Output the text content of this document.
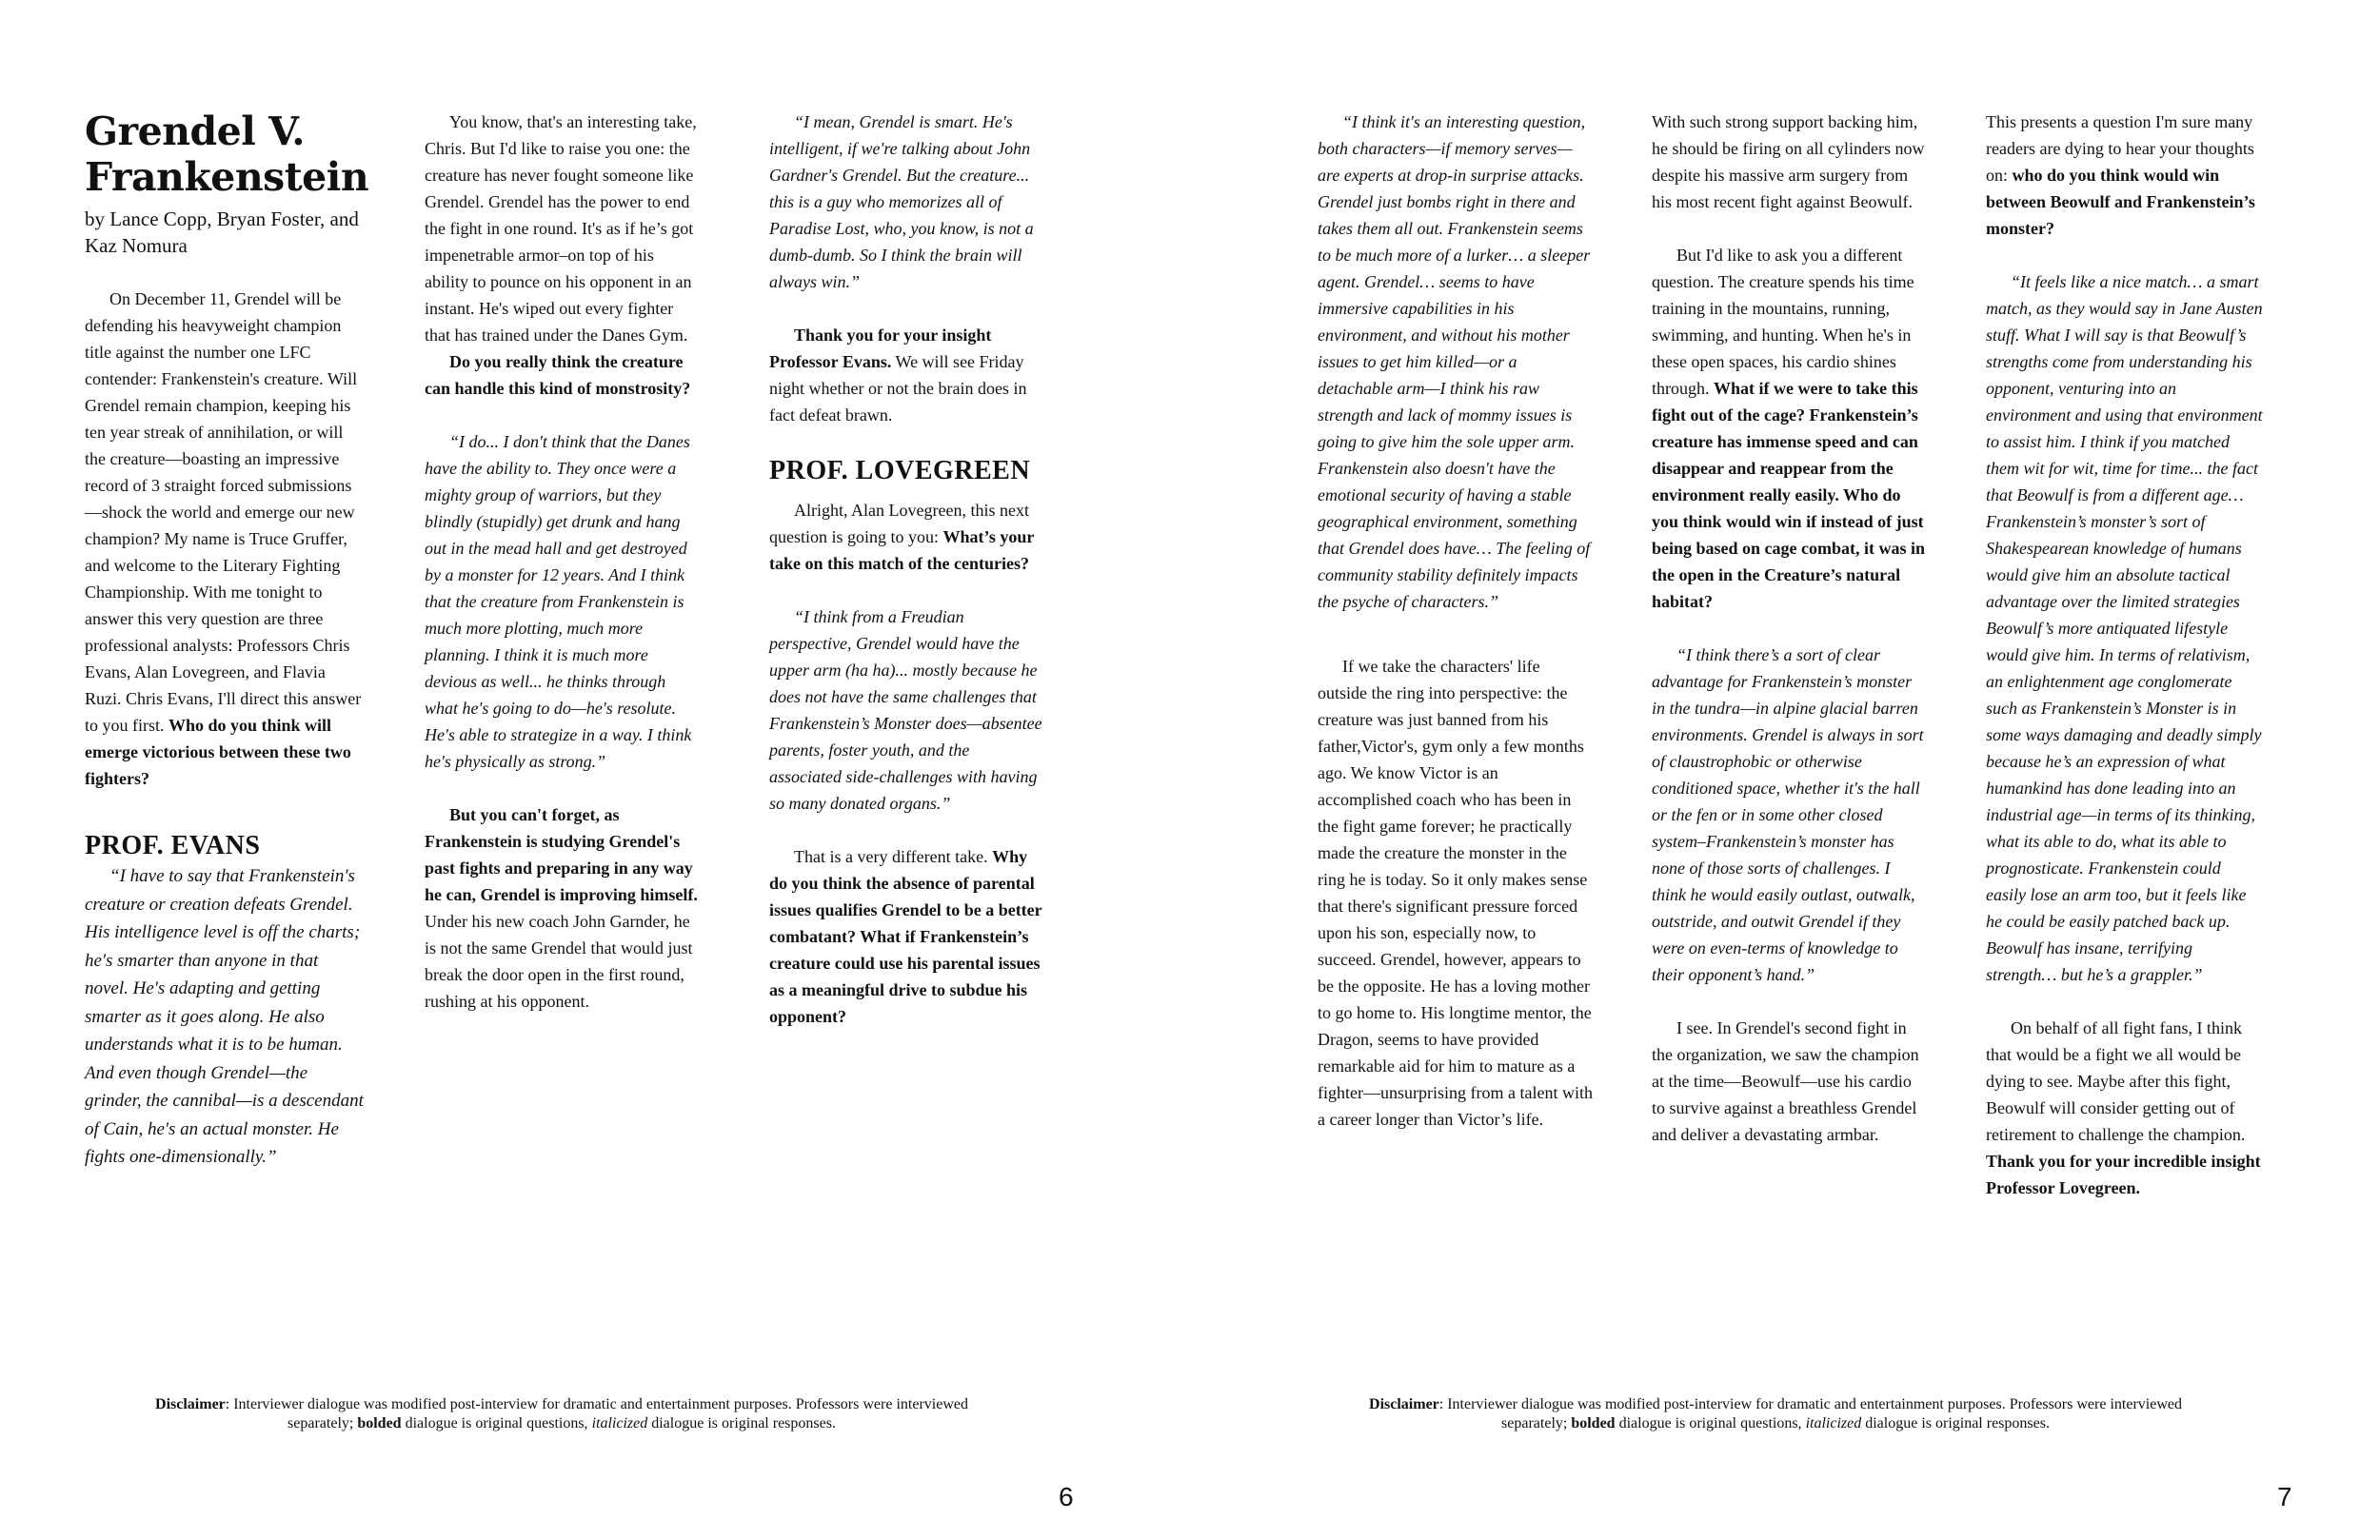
Grendel V.
Frankenstein
by Lance Copp, Bryan Foster, and Kaz Nomura

On December 11, Grendel will be defending his heavyweight champion title against the number one LFC contender: Frankenstein's creature. Will Grendel remain champion, keeping his ten year streak of annihilation, or will the creature—boasting an impressive record of 3 straight forced submissions—shock the world and emerge our new champion? My name is Truce Gruffer, and welcome to the Literary Fighting Championship. With me tonight to answer this very question are three professional analysts: Professors Chris Evans, Alan Lovegreen, and Flavia Ruzi. Chris Evans, I'll direct this answer to you first. Who do you think will emerge victorious between these two fighters?

PROF. EVANS

“I have to say that Frankenstein's creature or creation defeats Grendel. His intelligence level is off the charts; he's smarter than anyone in that novel. He's adapting and getting smarter as it goes along. He also understands what it is to be human. And even though Grendel—the grinder, the cannibal—is a descendant of Cain, he's an actual monster. He fights one-dimensionally.”

You know, that's an interesting take, Chris. But I'd like to raise you one: the creature has never fought someone like Grendel. Grendel has the power to end the fight in one round. It's as if he’s got impenetrable armor–on top of his ability to pounce on his opponent in an instant. He's wiped out every fighter that has trained under the Danes Gym.

Do you really think the creature can handle this kind of monstrosity?

“I do... I don't think that the Danes have the ability to. They once were a mighty group of warriors, but they blindly (stupidly) get drunk and hang out in the mead hall and get destroyed by a monster for 12 years. And I think that the creature from Frankenstein is much more plotting, much more planning. I think it is much more devious as well... he thinks through what he's going to do—he's resolute. He's able to strategize in a way. I think he's physically as strong.”

But you can't forget, as Frankenstein is studying Grendel's past fights and preparing in any way he can, Grendel is improving himself. Under his new coach John Garnder, he is not the same Grendel that would just break the door open in the first round, rushing at his opponent.

“I mean, Grendel is smart. He's intelligent, if we're talking about John Gardner's Grendel. But the creature... this is a guy who memorizes all of Paradise Lost, who, you know, is not a dumb-dumb. So I think the brain will always win.”

Thank you for your insight Professor Evans. We will see Friday night whether or not the brain does in fact defeat brawn.

PROF. LOVEGREEN

Alright, Alan Lovegreen, this next question is going to you: What’s your take on this match of the centuries?

“I think from a Freudian perspective, Grendel would have the upper arm (ha ha)... mostly because he does not have the same challenges that Frankenstein’s Monster does—absentee parents, foster youth, and the associated side-challenges with having so many donated organs.”

That is a very different take. Why do you think the absence of parental issues qualifies Grendel to be a better combatant? What if Frankenstein’s creature could use his parental issues as a meaningful drive to subdue his opponent?

Disclaimer: Interviewer dialogue was modified post-interview for dramatic and entertainment purposes. Professors were interviewed separately; bolded dialogue is original questions, italicized dialogue is original responses.
6

“I think it's an interesting question, both characters—if memory serves—are experts at drop-in surprise attacks. Grendel just bombs right in there and takes them all out. Frankenstein seems to be much more of a lurker… a sleeper agent. Grendel… seems to have immersive capabilities in his environment, and without his mother issues to get him killed—or a detachable arm—I think his raw strength and lack of mommy issues is going to give him the sole upper arm. Frankenstein also doesn't have the emotional security of having a stable geographical environment, something that Grendel does have… The feeling of community stability definitely impacts the psyche of characters.”

If we take the characters' life outside the ring into perspective: the creature was just banned from his father,Victor's, gym only a few months ago. We know Victor is an accomplished coach who has been in the fight game forever; he practically made the creature the monster in the ring he is today. So it only makes sense that there's significant pressure forced upon his son, especially now, to succeed. Grendel, however, appears to be the opposite. He has a loving mother to go home to. His longtime mentor, the Dragon, seems to have provided remarkable aid for him to mature as a fighter—unsurprising from a talent with a career longer than Victor’s life.

With such strong support backing him, he should be firing on all cylinders now despite his massive arm surgery from his most recent fight against Beowulf.

But I'd like to ask you a different question. The creature spends his time training in the mountains, running, swimming, and hunting. When he's in these open spaces, his cardio shines through. What if we were to take this fight out of the cage? Frankenstein’s creature has immense speed and can disappear and reappear from the environment really easily. Who do you think would win if instead of just being based on cage combat, it was in the open in the Creature’s natural habitat?

“I think there’s a sort of clear advantage for Frankenstein’s monster in the tundra—in alpine glacial barren environments. Grendel is always in sort of claustrophobic or otherwise conditioned space, whether it's the hall or the fen or in some other closed system–Frankenstein’s monster has none of those sorts of challenges. I think he would easily outlast, outwalk, outstride, and outwit Grendel if they were on even-terms of knowledge to their opponent’s hand.”

I see. In Grendel's second fight in the organization, we saw the champion at the time—Beowulf—use his cardio to survive against a breathless Grendel and deliver a devastating armbar.

This presents a question I'm sure many readers are dying to hear your thoughts on: who do you think would win between Beowulf and Frankenstein’s monster?

“It feels like a nice match… a smart match, as they would say in Jane Austen stuff. What I will say is that Beowulf’s strengths come from understanding his opponent, venturing into an environment and using that environment to assist him. I think if you matched them wit for wit, time for time... the fact that Beowulf is from a different age… Frankenstein’s monster’s sort of Shakespearean knowledge of humans would give him an absolute tactical advantage over the limited strategies Beowulf’s more antiquated lifestyle would give him. In terms of relativism, an enlightenment age conglomerate such as Frankenstein’s Monster is in some ways damaging and deadly simply because he’s an expression of what humankind has done leading into an industrial age—in terms of its thinking, what its able to do, what its able to prognosticate. Frankenstein could easily lose an arm too, but it feels like he could be easily patched back up. Beowulf has insane, terrifying strength… but he’s a grappler.”

On behalf of all fight fans, I think that would be a fight we all would be dying to see. Maybe after this fight, Beowulf will consider getting out of retirement to challenge the champion. Thank you for your incredible insight Professor Lovegreen.

Disclaimer: Interviewer dialogue was modified post-interview for dramatic and entertainment purposes. Professors were interviewed separately; bolded dialogue is original questions, italicized dialogue is original responses.
7
